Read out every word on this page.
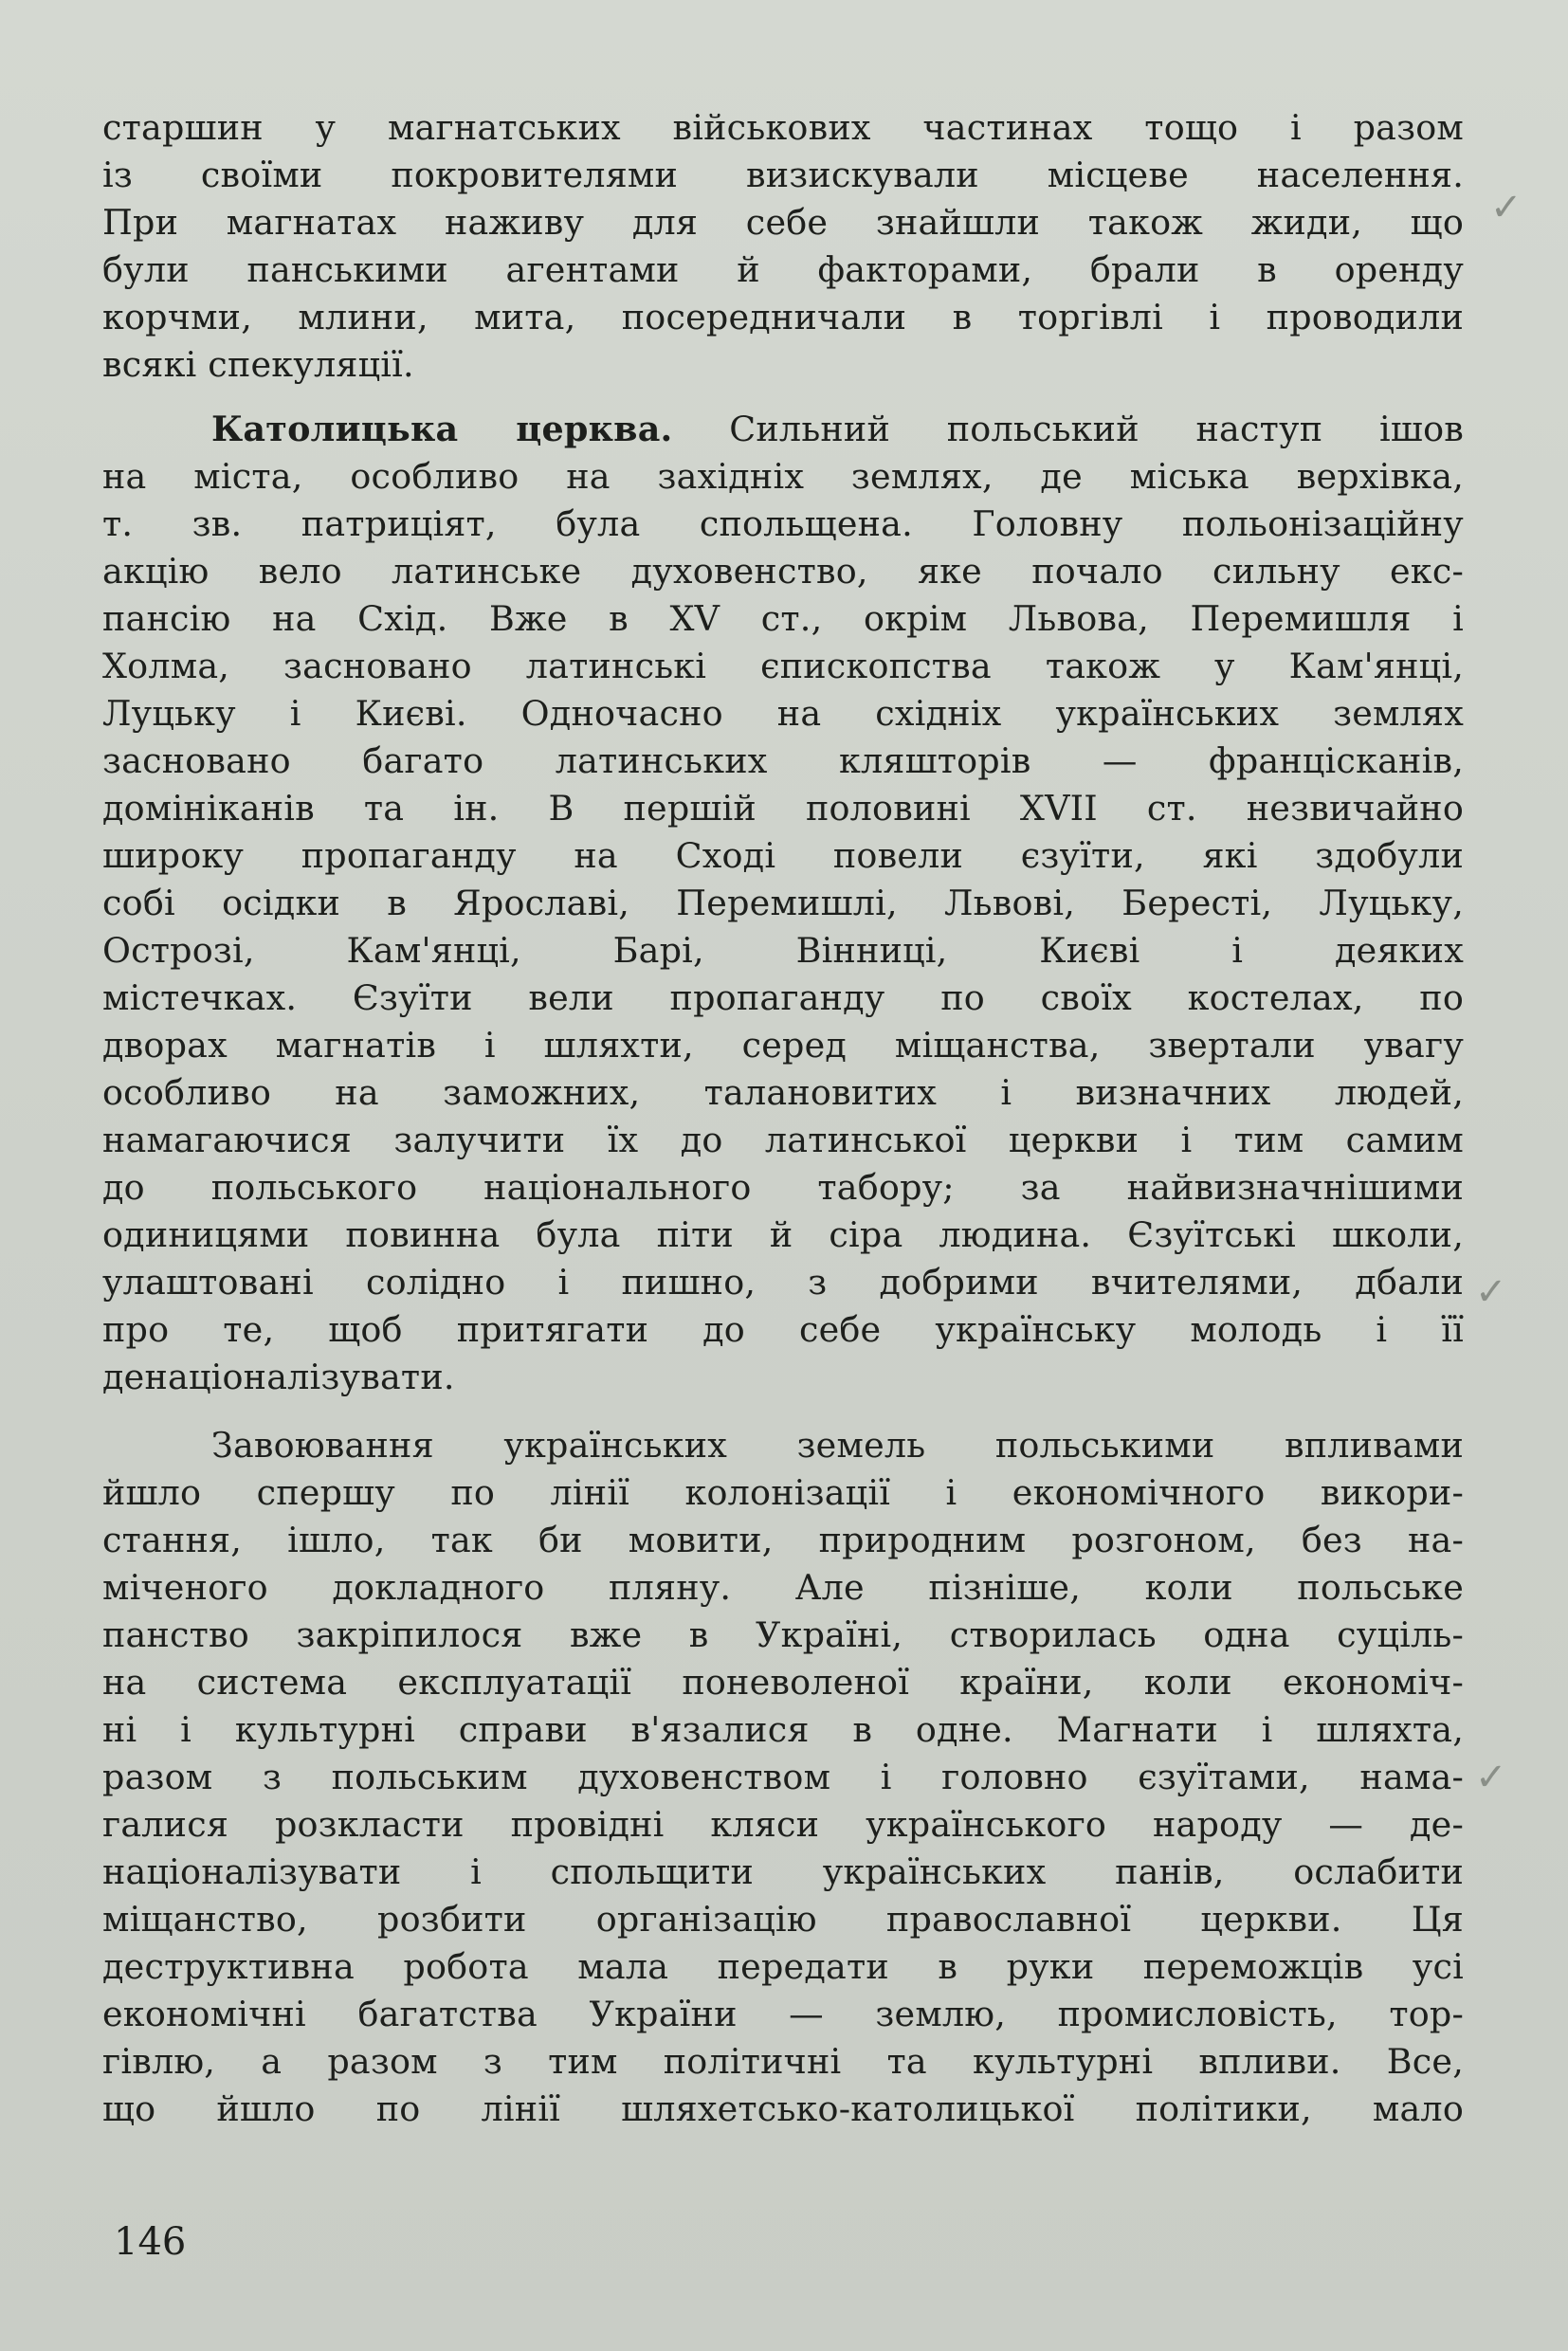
старшин у магнатських військових частинах тощо і разом
із своїми покровителями визискували місцеве населення.
При магнатах наживу для себе знайшли також жиди, що
були панськими агентами й факторами, брали в оренду
корчми, млини, мита, посередничали в торгівлі і проводили
всякі спекуляції.
Католицька церква. Сильний польський наступ ішов
на міста, особливо на західніх землях, де міська верхівка,
т. зв. патриціят, була спольщена. Головну польонізаційну
акцію вело латинське духовенство, яке почало сильну екс-
пансію на Схід. Вже в XV ст., окрім Львова, Перемишля і
Холма, засновано латинські єпископства також у Кам'янці,
Луцьку і Києві. Одночасно на східніх українських землях
засновано багато латинських кляшторів — францісканів,
домініканів та ін. В першій половині XVII ст. незвичайно
широку пропаганду на Сході повели єзуїти, які здобули
собі осідки в Ярославі, Перемишлі, Львові, Бересті, Луцьку,
Острозі, Кам'янці, Барі, Вінниці, Києві і деяких
містечках. Єзуїти вели пропаганду по своїх костелах, по
дворах магнатів і шляхти, серед міщанства, звертали увагу
особливо на заможних, талановитих і визначних людей,
намагаючися залучити їх до латинської церкви і тим самим
до польського національного табору; за найвизначнішими
одиницями повинна була піти й сіра людина. Єзуїтські школи,
улаштовані солідно і пишно, з добрими вчителями, дбали
про те, щоб притягати до себе українську молодь і її
денаціоналізувати.
Завоювання українських земель польськими впливами
йшло спершу по лінії колонізації і економічного викори-
стання, ішло, так би мовити, природним розгоном, без на-
міченого докладного пляну. Але пізніше, коли польське
панство закріпилося вже в Україні, створилась одна суціль-
на система експлуатації поневоленої країни, коли економіч-
ні і культурні справи в'язалися в одне. Магнати і шляхта,
разом з польським духовенством і головно єзуїтами, нама-
галися розкласти провідні кляси українського народу — де-
націоналізувати і спольщити українських панів, ослабити
міщанство, розбити організацію православної церкви. Ця
деструктивна робота мала передати в руки переможців усі
економічні багатства України — землю, промисловість, тор-
гівлю, а разом з тим політичні та культурні впливи. Все,
що йшло по лінії шляхетсько-католицької політики, мало
146
✓
✓
✓
